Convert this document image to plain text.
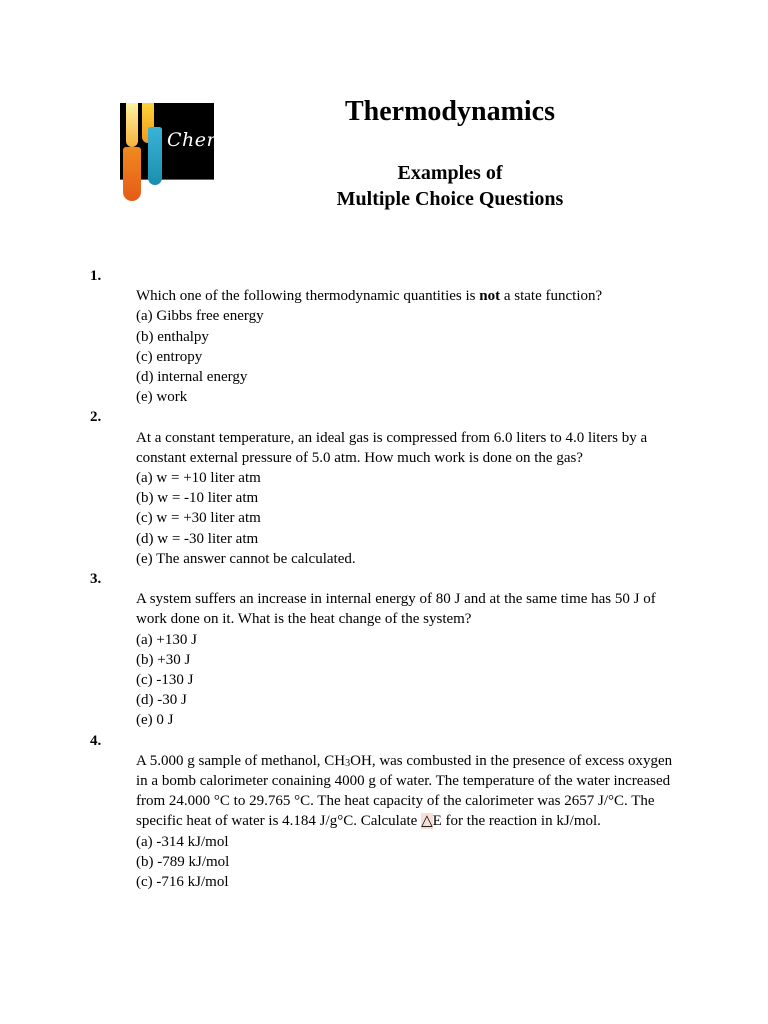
Chem
Thermodynamics
Examples of
Multiple Choice Questions
1.
Which one of the following thermodynamic quantities is not a state function?
(a) Gibbs free energy
(b) enthalpy
(c) entropy
(d) internal energy
(e) work
2.
At a constant temperature, an ideal gas is compressed from 6.0 liters to 4.0 liters by a constant external pressure of 5.0 atm. How much work is done on the gas?
(a) w = +10 liter atm
(b) w = -10 liter atm
(c) w = +30 liter atm
(d) w = -30 liter atm
(e) The answer cannot be calculated.
3.
A system suffers an increase in internal energy of 80 J and at the same time has 50 J of work done on it. What is the heat change of the system?
(a) +130 J
(b) +30 J
(c) -130 J
(d) -30 J
(e) 0 J
4.
A 5.000 g sample of methanol, $CH_3OH$, was combusted in the presence of excess oxygen in a bomb calorimeter conaining 4000 g of water. The temperature of the water increased from 24.000 °C to 29.765 °C. The heat capacity of the calorimeter was 2657 J/°C. The specific heat of water is 4.184 J/g°C. Calculate △E for the reaction in kJ/mol.
(a) -314 kJ/mol
(b) -789 kJ/mol
(c) -716 kJ/mol
